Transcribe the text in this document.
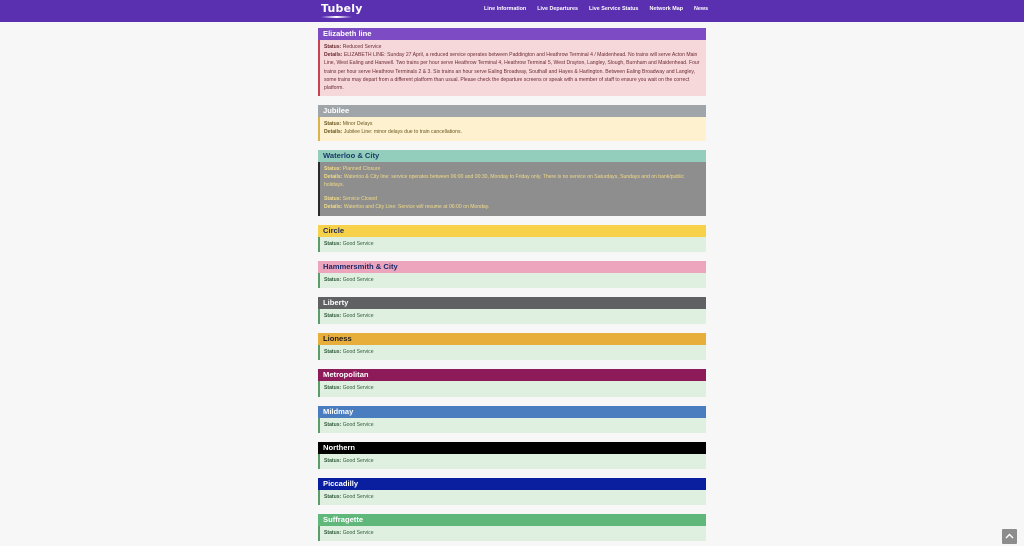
Tubely	Line Information Live Departures Live Service Status Network Map News
Elizabeth line
Status: Reduced Service
Details: ELIZABETH LINE: Sunday 27 April, a reduced service operates between Paddington and Heathrow Terminal 4 / Maidenhead. No trains will serve Acton Main Line, West Ealing and Hanwell. Two trains per hour serve Heathrow Terminal 4, Heathrow Terminal 5, West Drayton, Langley, Slough, Burnham and Maidenhead. Four trains per hour serve Heathrow Terminals 2 & 3. Six trains an hour serve Ealing Broadway, Southall and Hayes & Harlington. Between Ealing Broadway and Langley, some trains may depart from a different platform than usual. Please check the departure screens or speak with a member of staff to ensure you wait on the correct platform.
Jubilee
Status: Minor Delays
Details: Jubilee Line: minor delays due to train cancellations.
Waterloo & City
Status: Planned Closure
Details: Waterloo & City line: service operates between 06:00 and 00:30, Monday to Friday only. There is no service on Saturdays, Sundays and on bank/public holidays.
Status: Service Closed
Details: Waterloo and City Line: Service will resume at 06:00 on Monday.
Circle
Status: Good Service
Hammersmith & City
Status: Good Service
Liberty
Status: Good Service
Lioness
Status: Good Service
Metropolitan
Status: Good Service
Mildmay
Status: Good Service
Northern
Status: Good Service
Piccadilly
Status: Good Service
Suffragette
Status: Good Service
